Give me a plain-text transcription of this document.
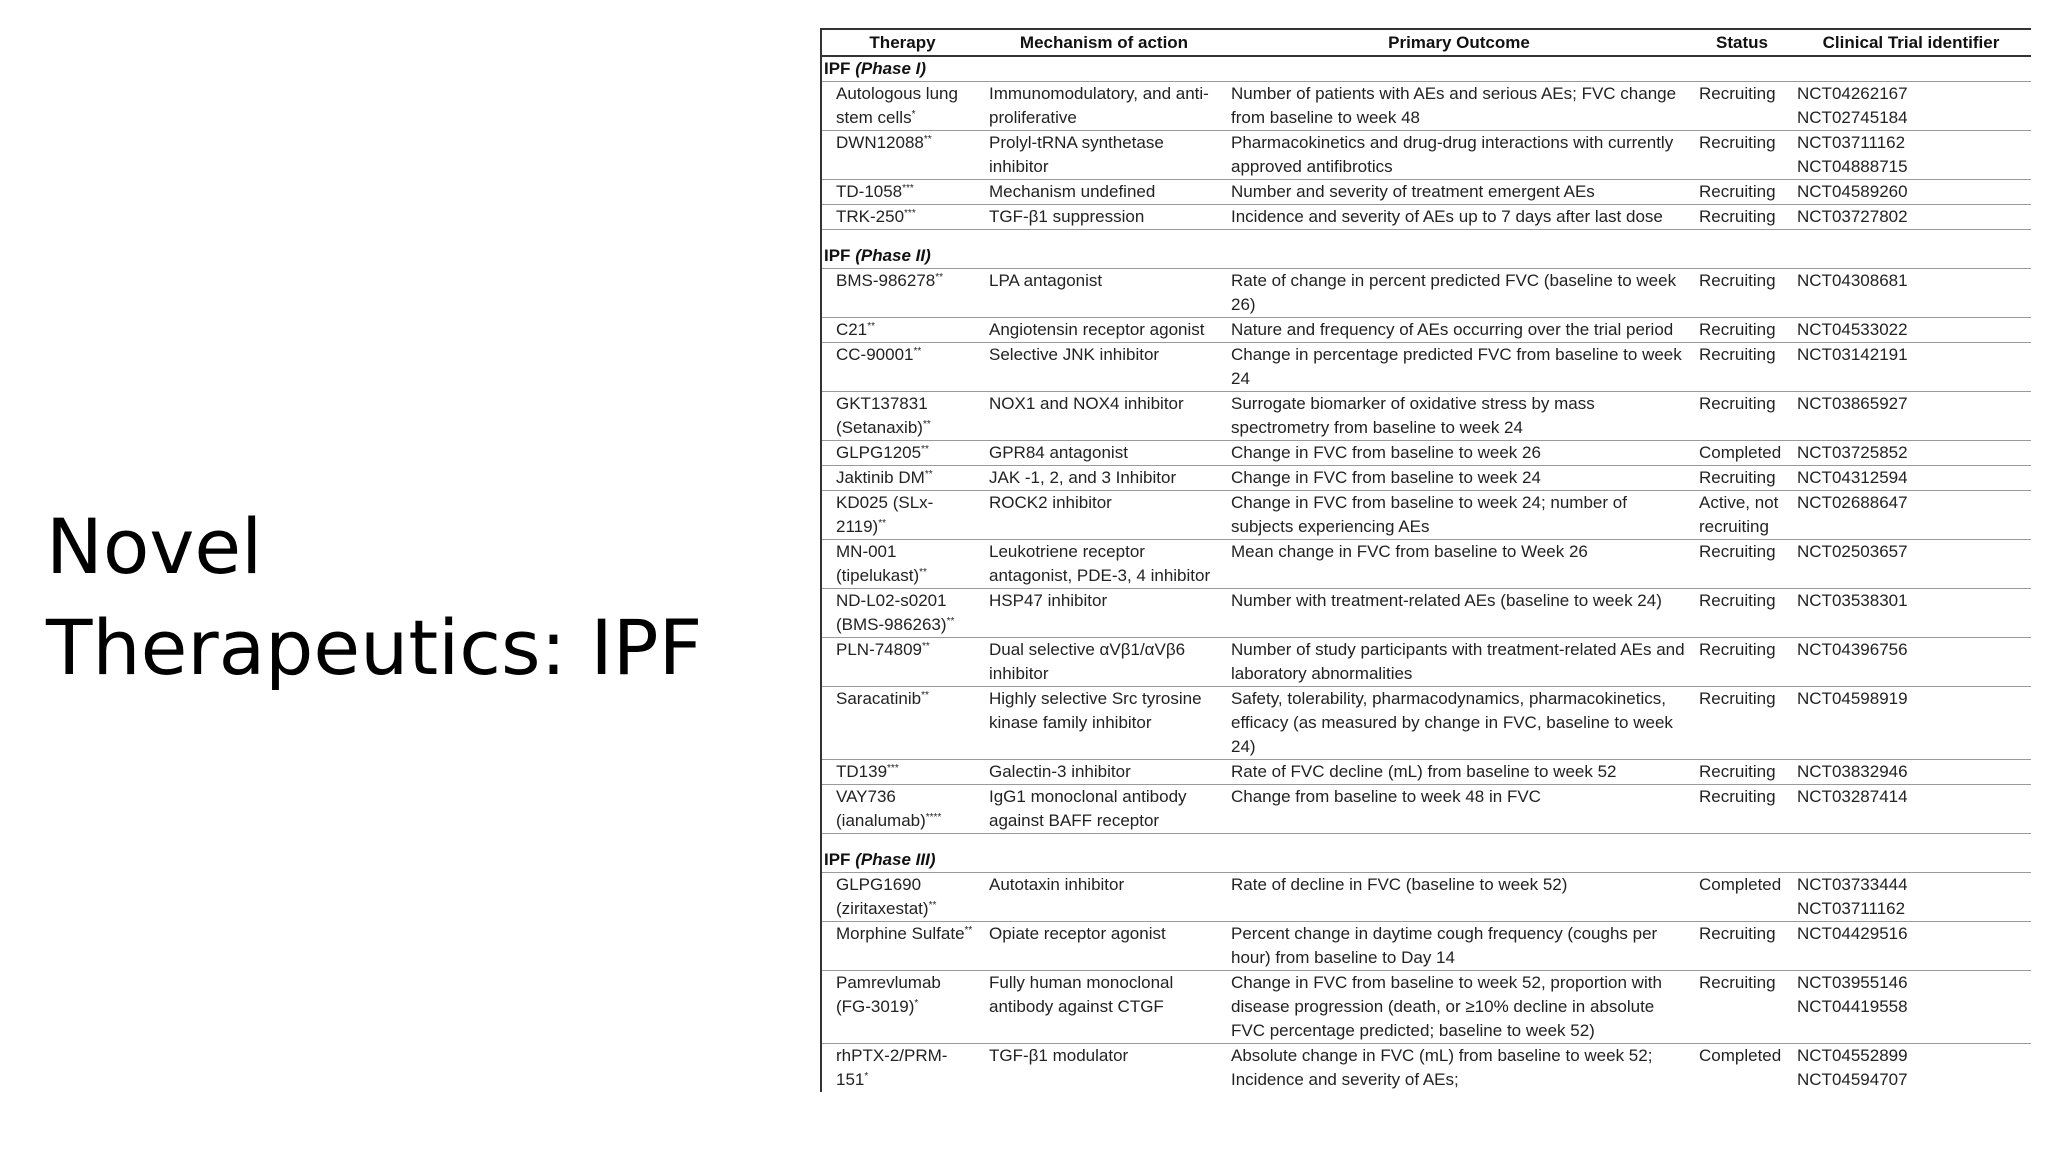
Novel Therapeutics: IPF
Therapy	Mechanism of action	Primary Outcome	Status	Clinical Trial identifier
IPF (Phase I)				
Autologous lung stem cells*	Immunomodulatory, and anti-proliferative	Number of patients with AEs and serious AEs; FVC change from baseline to week 48	Recruiting	NCT04262167
NCT02745184

DWN12088**	Prolyl-tRNA synthetase inhibitor	Pharmacokinetics and drug-drug interactions with currently approved antifibrotics	Recruiting	NCT03711162
NCT04888715

TD-1058***	Mechanism undefined	Number and severity of treatment emergent AEs	Recruiting	NCT04589260

TRK-250***	TGF-β1 suppression	Incidence and severity of AEs up to 7 days after last dose	Recruiting	NCT03727802

IPF (Phase II)				
BMS-986278**	LPA antagonist	Rate of change in percent predicted FVC (baseline to week 26)	Recruiting	NCT04308681

C21**	Angiotensin receptor agonist	Nature and frequency of AEs occurring over the trial period	Recruiting	NCT04533022

CC-90001**	Selective JNK inhibitor	Change in percentage predicted FVC from baseline to week 24	Recruiting	NCT03142191

GKT137831 (Setanaxib)**	NOX1 and NOX4 inhibitor	Surrogate biomarker of oxidative stress by mass spectrometry from baseline to week 24	Recruiting	NCT03865927

GLPG1205**	GPR84 antagonist	Change in FVC from baseline to week 26	Completed	NCT03725852

Jaktinib DM**	JAK -1, 2, and 3 Inhibitor	Change in FVC from baseline to week 24	Recruiting	NCT04312594

KD025 (SLx-2119)**	ROCK2 inhibitor	Change in FVC from baseline to week 24; number of subjects experiencing AEs	Active, not recruiting	NCT02688647

MN-001 (tipelukast)**	Leukotriene receptor antagonist, PDE-3, 4 inhibitor	Mean change in FVC from baseline to Week 26	Recruiting	NCT02503657

ND-L02-s0201 (BMS-986263)**	HSP47 inhibitor	Number with treatment-related AEs (baseline to week 24)	Recruiting	NCT03538301

PLN-74809**	Dual selective αVβ1/αVβ6 inhibitor	Number of study participants with treatment-related AEs and laboratory abnormalities	Recruiting	NCT04396756

Saracatinib**	Highly selective Src tyrosine kinase family inhibitor	Safety, tolerability, pharmacodynamics, pharmacokinetics, efficacy (as measured by change in FVC, baseline to week 24)	Recruiting	NCT04598919

TD139***	Galectin-3 inhibitor	Rate of FVC decline (mL) from baseline to week 52	Recruiting	NCT03832946

VAY736 (ianalumab)****	IgG1 monoclonal antibody against BAFF receptor	Change from baseline to week 48 in FVC	Recruiting	NCT03287414

IPF (Phase III)				
GLPG1690 (ziritaxestat)**	Autotaxin inhibitor	Rate of decline in FVC (baseline to week 52)	Completed	NCT03733444
NCT03711162

Morphine Sulfate**	Opiate receptor agonist	Percent change in daytime cough frequency (coughs per hour) from baseline to Day 14	Recruiting	NCT04429516

Pamrevlumab (FG-3019)*	Fully human monoclonal antibody against CTGF	Change in FVC from baseline to week 52, proportion with disease progression (death, or ≥10% decline in absolute FVC percentage predicted; baseline to week 52)	Recruiting	NCT03955146
NCT04419558

rhPTX-2/PRM-151*	TGF-β1 modulator	Absolute change in FVC (mL) from baseline to week 52; Incidence and severity of AEs;	Completed	NCT04552899
NCT04594707
